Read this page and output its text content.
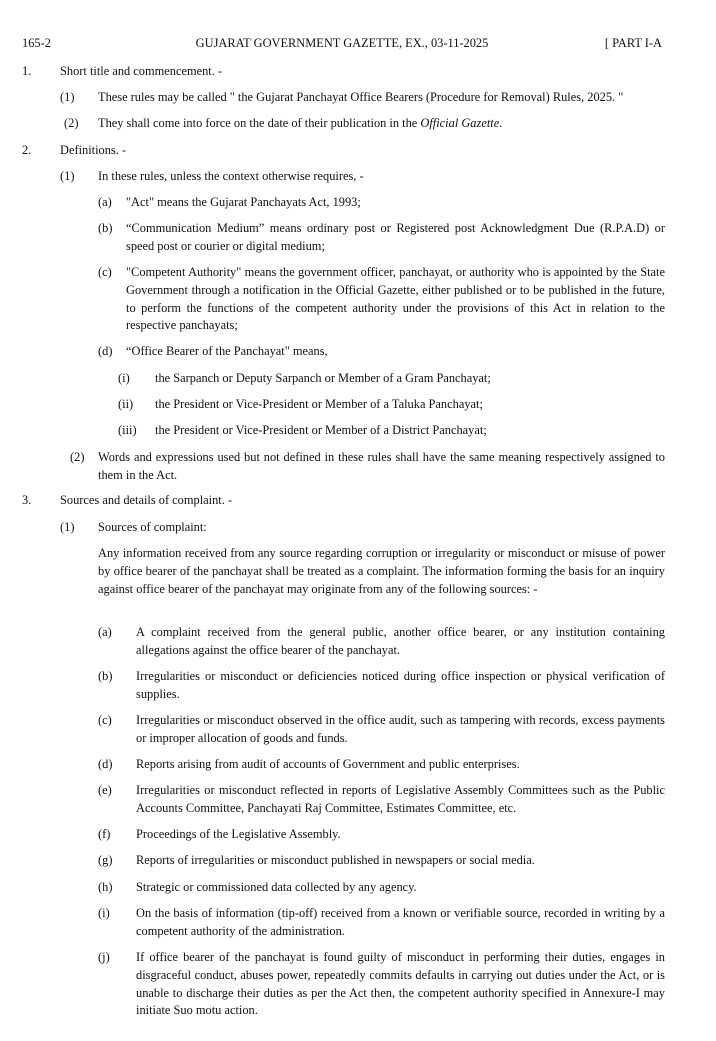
165-2	GUJARAT GOVERNMENT GAZETTE, EX., 03-11-2025	[ PART I-A
1. Short title and commencement. -
(1) These rules may be called " the Gujarat Panchayat Office Bearers (Procedure for Removal) Rules, 2025. "
(2) They shall come into force on the date of their publication in the Official Gazette.
2. Definitions. -
(1) In these rules, unless the context otherwise requires, -
(a) "Act" means the Gujarat Panchayats Act, 1993;
(b) “Communication Medium” means ordinary post or Registered post Acknowledgment Due (R.P.A.D) or speed post or courier or digital medium;
(c) "Competent Authority" means the government officer, panchayat, or authority who is appointed by the State Government through a notification in the Official Gazette, either published or to be published in the future, to perform the functions of the competent authority under the provisions of this Act in relation to the respective panchayats;
(d) “Office Bearer of the Panchayat" means,
(i) the Sarpanch or Deputy Sarpanch or Member of a Gram Panchayat;
(ii) the President or Vice-President or Member of a Taluka Panchayat;
(iii) the President or Vice-President or Member of a District Panchayat;
(2) Words and expressions used but not defined in these rules shall have the same meaning respectively assigned to them in the Act.
3. Sources and details of complaint. -
(1) Sources of complaint:
Any information received from any source regarding corruption or irregularity or misconduct or misuse of power by office bearer of the panchayat shall be treated as a complaint. The information forming the basis for an inquiry against office bearer of the panchayat may originate from any of the following sources: -
(a) A complaint received from the general public, another office bearer, or any institution containing allegations against the office bearer of the panchayat.
(b) Irregularities or misconduct or deficiencies noticed during office inspection or physical verification of supplies.
(c) Irregularities or misconduct observed in the office audit, such as tampering with records, excess payments or improper allocation of goods and funds.
(d) Reports arising from audit of accounts of Government and public enterprises.
(e) Irregularities or misconduct reflected in reports of Legislative Assembly Committees such as the Public Accounts Committee, Panchayati Raj Committee, Estimates Committee, etc.
(f) Proceedings of the Legislative Assembly.
(g) Reports of irregularities or misconduct published in newspapers or social media.
(h) Strategic or commissioned data collected by any agency.
(i) On the basis of information (tip-off) received from a known or verifiable source, recorded in writing by a competent authority of the administration.
(j) If office bearer of the panchayat is found guilty of misconduct in performing their duties, engages in disgraceful conduct, abuses power, repeatedly commits defaults in carrying out duties under the Act, or is unable to discharge their duties as per the Act then, the competent authority specified in Annexure-I may initiate Suo motu action.
